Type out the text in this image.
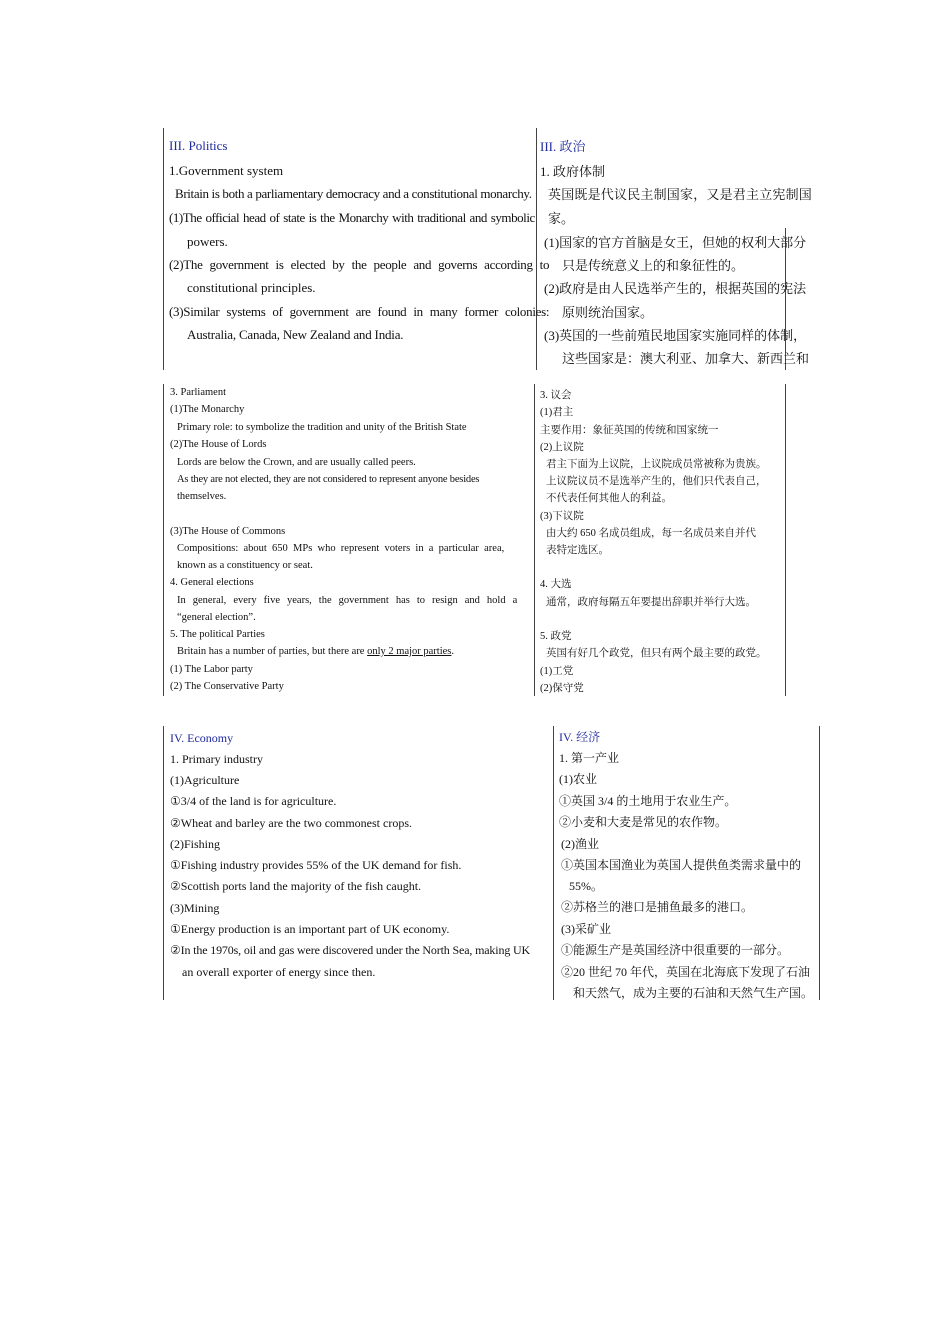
III. Politics
1.Government system
Britain is both a parliamentary democracy and a constitutional monarchy.
(1)The official head of state is the Monarchy with traditional and symbolic
powers.
(2)The government is elected by the people and governs according to
constitutional principles.
(3)Similar systems of government are found in many former colonies:
Australia, Canada, New Zealand and India.
III. 政治
1. 政府体制
英国既是代议民主制国家，又是君主立宪制国
家。
(1)国家的官方首脑是女王，但她的权利大部分
只是传统意义上的和象征性的。
(2)政府是由人民选举产生的，根据英国的宪法
原则统治国家。
(3)英国的一些前殖民地国家实施同样的体制，
这些国家是：澳大利亚、加拿大、新西兰和
3. Parliament
(1)The Monarchy
Primary role: to symbolize the tradition and unity of the British State
(2)The House of Lords
Lords are below the Crown, and are usually called peers.
As they are not elected, they are not considered to represent anyone besides
themselves.
(3)The House of Commons
Compositions: about 650 MPs who represent voters in a particular area,
known as a constituency or seat.
4. General elections
In general, every five years, the government has to resign and hold a
“general election”.
5. The political Parties
Britain has a number of parties, but there are only 2 major parties.
(1) The Labor party
(2) The Conservative Party
3. 议会
(1)君主
主要作用：象征英国的传统和国家统一
(2)上议院
君主下面为上议院，上议院成员常被称为贵族。
上议院议员不是选举产生的，他们只代表自己，
不代表任何其他人的利益。
(3)下议院
由大约 650 名成员组成，每一名成员来自并代
表特定选区。
4. 大选
通常，政府每隔五年要提出辞职并举行大选。
5. 政党
英国有好几个政党，但只有两个最主要的政党。
(1)工党
(2)保守党
IV. Economy
1. Primary industry
(1)Agriculture
①3/4 of the land is for agriculture.
②Wheat and barley are the two commonest crops.
(2)Fishing
①Fishing industry provides 55% of the UK demand for fish.
②Scottish ports land the majority of the fish caught.
(3)Mining
①Energy production is an important part of UK economy.
②In the 1970s, oil and gas were discovered under the North Sea, making UK
an overall exporter of energy since then.
IV. 经济
1. 第一产业
(1)农业
①英国 3/4 的土地用于农业生产。
②小麦和大麦是常见的农作物。
(2)渔业
①英国本国渔业为英国人提供鱼类需求量中的
55%。
②苏格兰的港口是捕鱼最多的港口。
(3)采矿业
①能源生产是英国经济中很重要的一部分。
②20 世纪 70 年代，英国在北海底下发现了石油
和天然气，成为主要的石油和天然气生产国。
